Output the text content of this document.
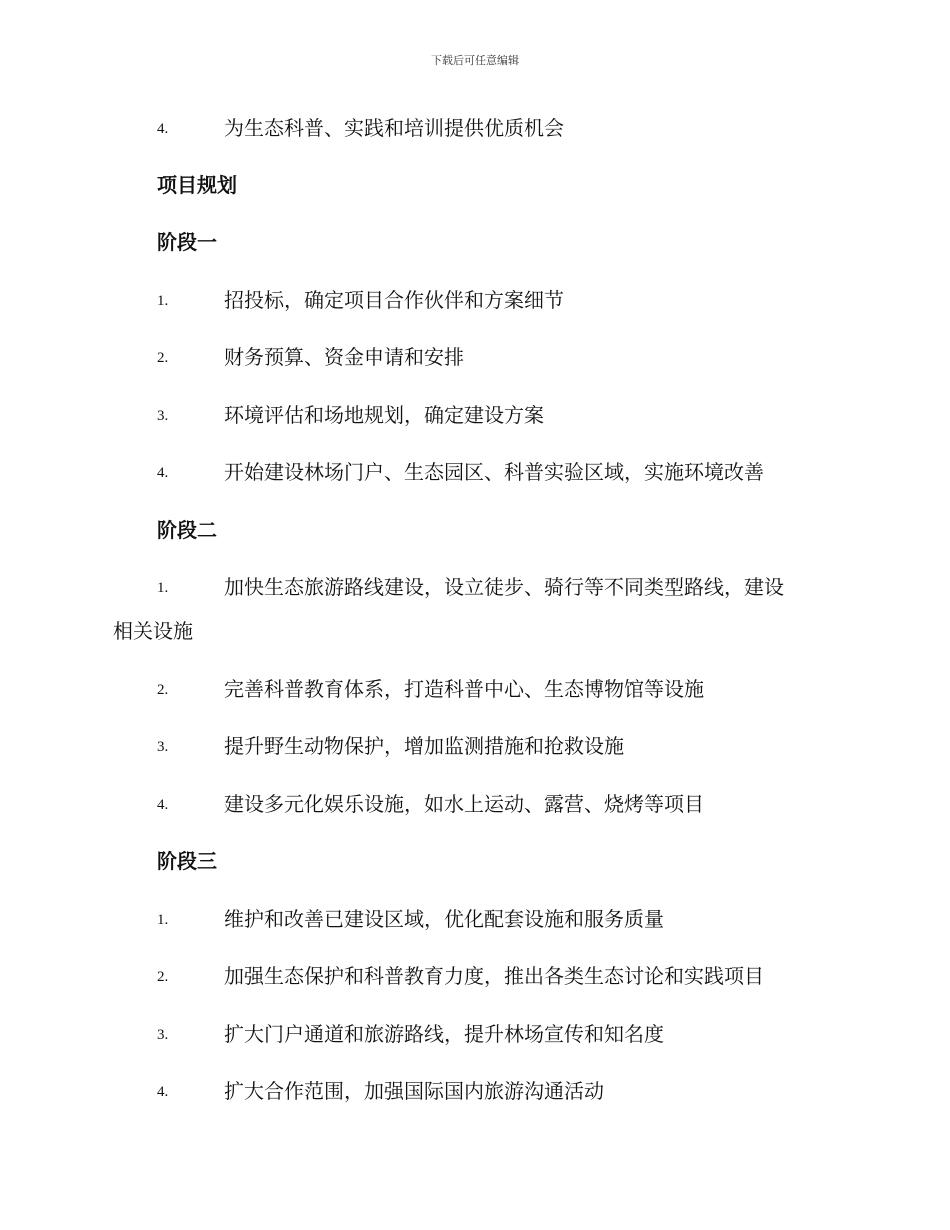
下载后可任意编辑
4.	为生态科普、实践和培训提供优质机会
项目规划
阶段一
1.	招投标，确定项目合作伙伴和方案细节
2.	财务预算、资金申请和安排
3.	环境评估和场地规划，确定建设方案
4.	开始建设林场门户、生态园区、科普实验区域，实施环境改善
阶段二
1.	加快生态旅游路线建设，设立徒步、骑行等不同类型路线，建设
相关设施
2.	完善科普教育体系，打造科普中心、生态博物馆等设施
3.	提升野生动物保护，增加监测措施和抢救设施
4.	建设多元化娱乐设施，如水上运动、露营、烧烤等项目
阶段三
1.	维护和改善已建设区域，优化配套设施和服务质量
2.	加强生态保护和科普教育力度，推出各类生态讨论和实践项目
3.	扩大门户通道和旅游路线，提升林场宣传和知名度
4.	扩大合作范围，加强国际国内旅游沟通活动
